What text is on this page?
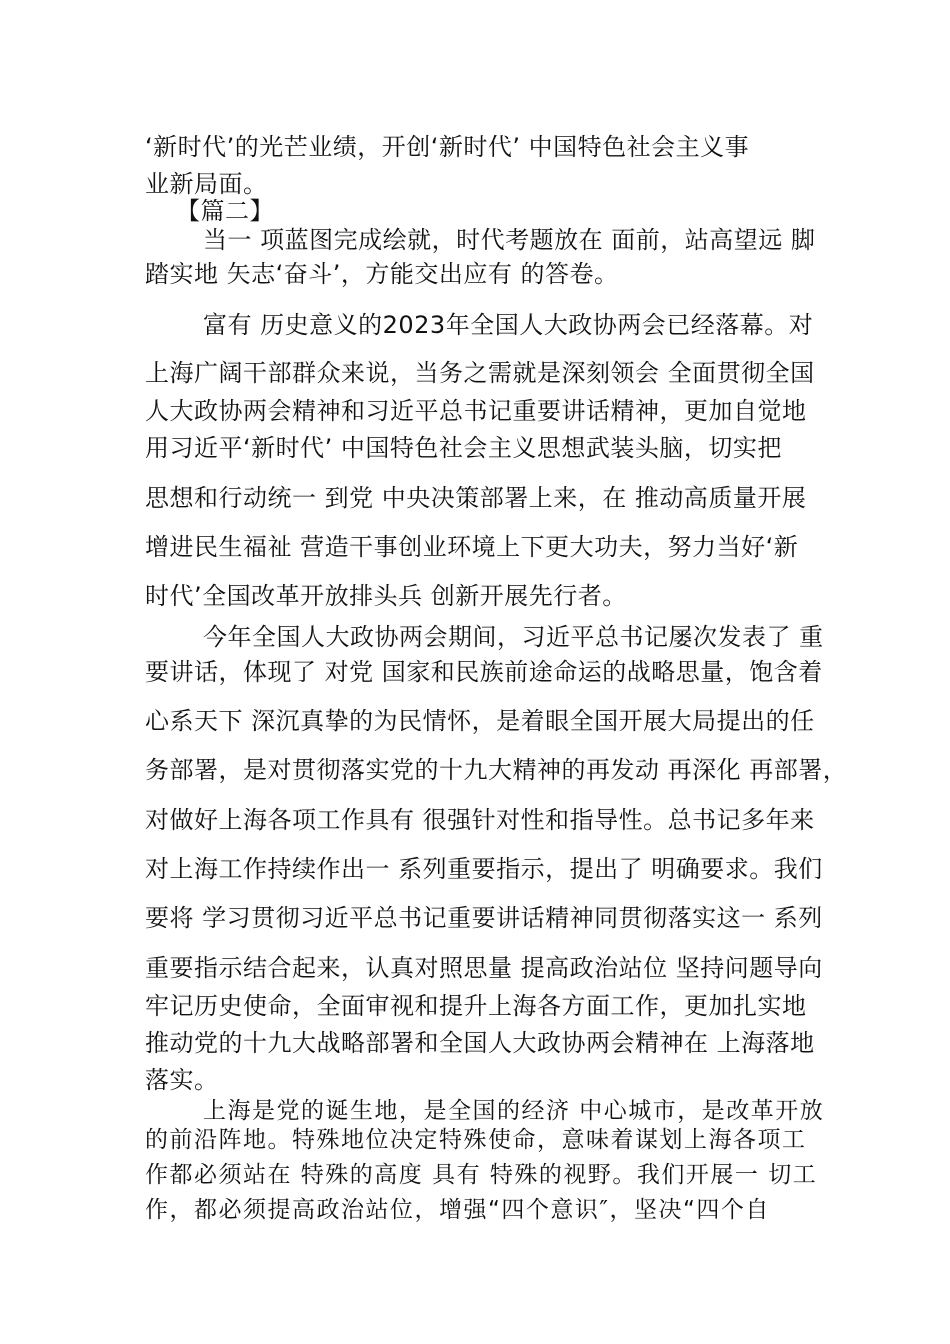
‘新时代’的光芒业绩，开创‘新时代’ 中国特色社会主义事
业新局面。
【篇二】
当一 项蓝图完成绘就，时代考题放在 面前，站高望远 脚
踏实地 矢志‘奋斗’，方能交出应有 的答卷。
富有 历史意义的2023年全国人大政协两会已经落幕。对
上海广阔干部群众来说，当务之需就是深刻领会 全面贯彻全国
人大政协两会精神和习近平总书记重要讲话精神，更加自觉地
用习近平‘新时代’ 中国特色社会主义思想武装头脑，切实把
思想和行动统一 到党 中央决策部署上来，在 推动高质量开展
增进民生福祉 营造干事创业环境上下更大功夫，努力当好‘新
时代’全国改革开放排头兵 创新开展先行者。
今年全国人大政协两会期间，习近平总书记屡次发表了 重
要讲话，体现了 对党 国家和民族前途命运的战略思量，饱含着
心系天下 深沉真挚的为民情怀，是着眼全国开展大局提出的任
务部署，是对贯彻落实党的十九大精神的再发动 再深化 再部署，
对做好上海各项工作具有 很强针对性和指导性。总书记多年来
对上海工作持续作出一 系列重要指示，提出了 明确要求。我们
要将 学习贯彻习近平总书记重要讲话精神同贯彻落实这一 系列
重要指示结合起来，认真对照思量 提高政治站位 坚持问题导向
牢记历史使命，全面审视和提升上海各方面工作，更加扎实地
推动党的十九大战略部署和全国人大政协两会精神在 上海落地
落实。
上海是党的诞生地，是全国的经济 中心城市，是改革开放
的前沿阵地。特殊地位决定特殊使命，意味着谋划上海各项工
作都必须站在 特殊的高度 具有 特殊的视野。我们开展一 切工
作，都必须提高政治站位，增强“四个意识″，坚决“四个自
